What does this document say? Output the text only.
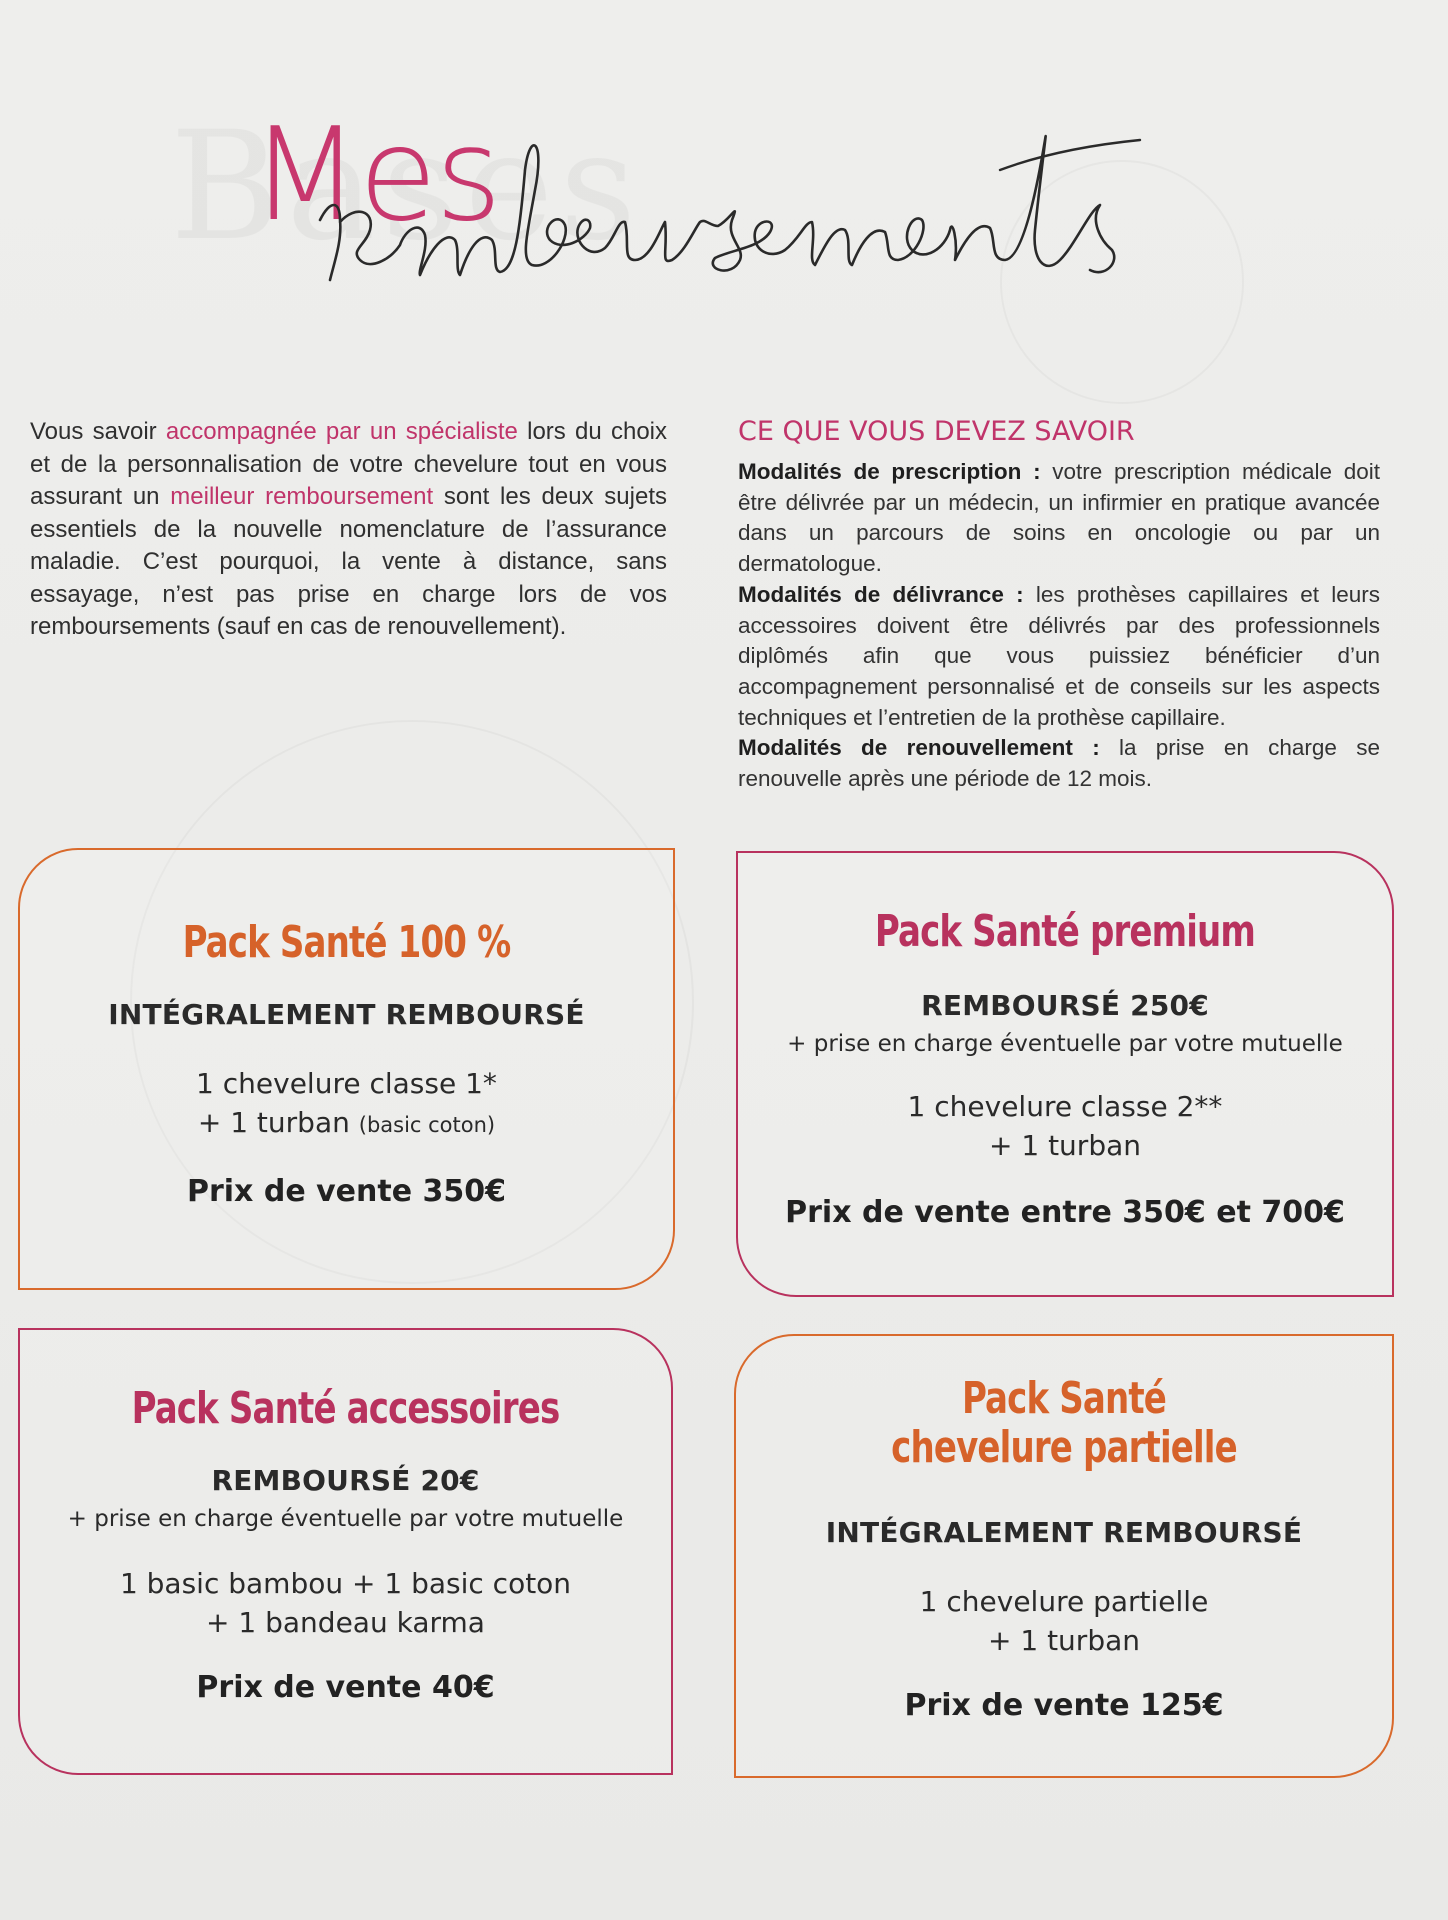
Mes
Vous savoir accompagnée par un spécialiste lors du choix et de la personnalisation de votre chevelure tout en vous assurant un meilleur remboursement sont les deux sujets essentiels de la nouvelle nomenclature de l’assurance maladie. C’est pourquoi, la vente à distance, sans essayage, n’est pas prise en charge lors de vos remboursements (sauf en cas de renouvellement).
CE QUE VOUS DEVEZ SAVOIR

Modalités de prescription : votre prescription médicale doit être délivrée par un médecin, un infirmier en pratique avancée dans un parcours de soins en oncologie ou par un dermatologue.

Modalités de délivrance : les prothèses capillaires et leurs accessoires doivent être délivrés par des professionnels diplômés afin que vous puissiez bénéficier d’un accompagnement personnalisé et de conseils sur les aspects techniques et l’entretien de la prothèse capillaire.

Modalités de renouvellement : la prise en charge se renouvelle après une période de 12 mois.

Pack Santé 100 %
INTÉGRALEMENT REMBOURSÉ
1 chevelure classe 1*
+ 1 turban (basic coton)
Prix de vente 350€
Pack Santé premium
REMBOURSÉ 250€
+ prise en charge éventuelle par votre mutuelle
1 chevelure classe 2**
+ 1 turban
Prix de vente entre 350€ et 700€
Pack Santé accessoires
REMBOURSÉ 20€
+ prise en charge éventuelle par votre mutuelle
1 basic bambou + 1 basic coton
+ 1 bandeau karma
Prix de vente 40€
Pack Santé
chevelure partielle
INTÉGRALEMENT REMBOURSÉ
1 chevelure partielle
+ 1 turban
Prix de vente 125€
